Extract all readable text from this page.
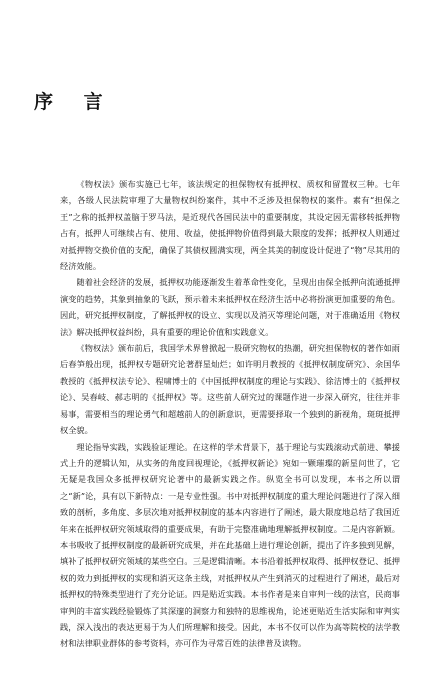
序 言

《物权法》颁布实施已七年，该法规定的担保物权有抵押权、质权和留置权三种。七年来，各级人民法院审理了大量物权纠纷案件，其中不乏涉及担保物权的案件。素有“担保之王”之称的抵押权盖脑于罗马法，是近现代各国民法中的重要制度，其设定因无需移转抵押物占有，抵押人可继续占有、使用、收益，使抵押物价值得到最大限度的发挥；抵押权人则通过对抵押物交换价值的支配，确保了其债权圆满实现，两全其美的制度设计促进了“物”尽其用的经济效能。

随着社会经济的发展，抵押权功能逐渐发生着革命性变化，呈现出由保全抵押向流通抵押演变的趋势，其象到抽象的飞跃，预示着未来抵押权在经济生活中必将扮演更加重要的角色。因此，研究抵押权制度，了解抵押权的设立、实现以及消灭等理论问题，对于准确适用《物权法》解决抵押权益纠纷，具有重要的理论价值和实践意义。

《物权法》颁布前后，我国学术界曾掀起一股研究物权的热潮，研究担保物权的著作如雨后春笋般出现，抵押权专题研究论著群星灿烂；如许明月教授的《抵押权制度研究》、余国华教授的《抵押权法专论》、程啸博士的《中国抵押权制度的理论与实践》、徐洁博士的《抵押权论》、吴春岐、郝志明的《抵押权》等。这些前人研究过的课题作进一步深入研究，往往并非易事，需要相当的理论勇气和超越前人的创新意识，更需要择取一个独到的新视角，斑斑抵押权全貌。

理论指导实践，实践验证理论。在这样的学术背景下，基于理论与实践滚动式前进、攀援式上升的逻辑认知，从实务的角度回视理论，《抵押权新论》宛如一颗璀璨的新星问世了，它无疑是我国众多抵押权研究论著中的最新实践之作。纵览全书可以发现，本书之所以谓之“新”论，具有以下新特点：一是专业性强。书中对抵押权制度的重大理论问题进行了深入细致的剖析，多角度、多层次地对抵押权制度的基本内容进行了阐述，最大限度地总结了我国近年来在抵押权研究领域取得的重要成果，有助于完整准确地理解抵押权制度。二是内容新颖。本书吸收了抵押权制度的最新研究成果，并在此基础上进行理论创新，提出了许多独到见解，填补了抵押权研究领域的某些空白。三是逻辑清晰。本书沿着抵押权取得、抵押权登记、抵押权的效力到抵押权的实现和消灭这条主线，对抵押权从产生到消灭的过程进行了阐述，最后对抵押权的特殊类型进行了充分论证。四是贴近实践。本书作者是来自审判一线的法官，民商事审判的丰富实践经验锻炼了其深邃的洞察力和独特的思维视角，论述更贴近生活实际和审判实践，深入浅出的表达更易于为人们所理解和接受。因此，本书不仅可以作为高等院校的法学教材和法律职业群体的参考资料，亦可作为寻常百姓的法律普及读物。
